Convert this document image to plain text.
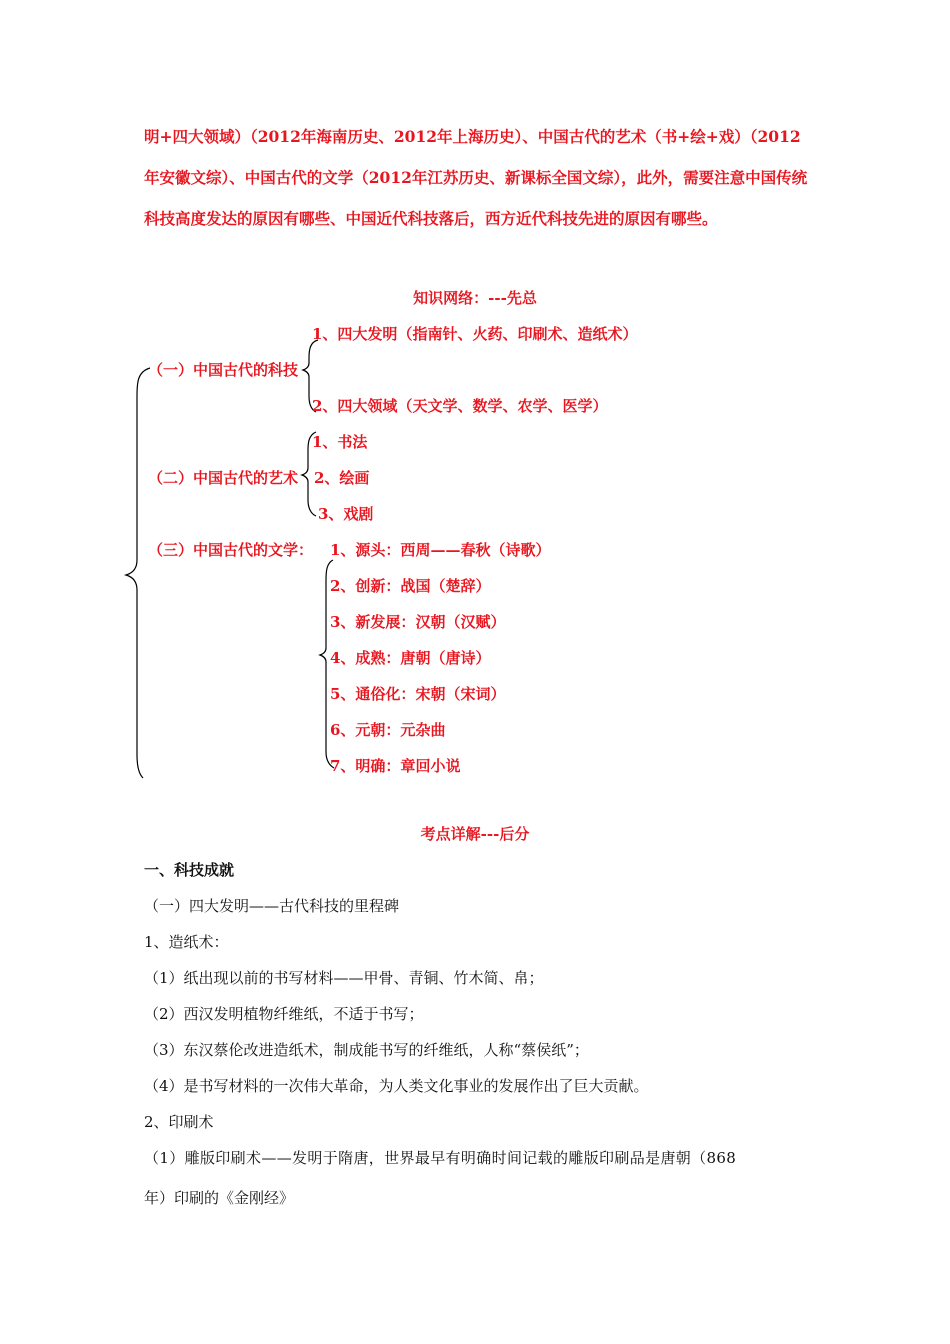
明+四大领域）（2012年海南历史、2012年上海历史）、中国古代的艺术（书+绘+戏）（2012年安徽文综）、中国古代的文学（2012年江苏历史、新课标全国文综），此外，需要注意中国传统科技高度发达的原因有哪些、中国近代科技落后，西方近代科技先进的原因有哪些。
知识网络：---先总
1、四大发明（指南针、火药、印刷术、造纸术）
（一）中国古代的科技
2、四大领域（天文学、数学、农学、医学）
1、书法
（二）中国古代的艺术 2、绘画
3、戏剧
（三）中国古代的文学： 1、源头：西周——春秋（诗歌）
2、创新：战国（楚辞）
3、新发展：汉朝（汉赋）
4、成熟：唐朝（唐诗）
5、通俗化：宋朝（宋词）
6、元朝：元杂曲
7、明确：章回小说
考点详解---后分
一、科技成就
（一）四大发明——古代科技的里程碑
1、造纸术：
（1）纸出现以前的书写材料——甲骨、青铜、竹木简、帛；
（2）西汉发明植物纤维纸，不适于书写；
（3）东汉蔡伦改进造纸术，制成能书写的纤维纸，人称“蔡侯纸”；
（4）是书写材料的一次伟大革命，为人类文化事业的发展作出了巨大贡献。
2、印刷术
（1）雕版印刷术——发明于隋唐，世界最早有明确时间记载的雕版印刷品是唐朝（868
年）印刷的《金刚经》
